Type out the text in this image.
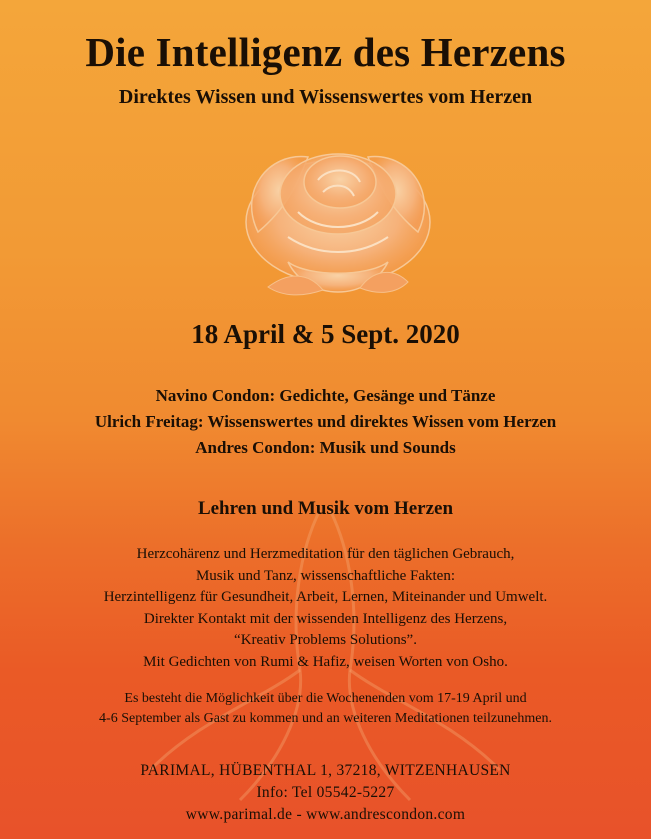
Die Intelligenz des Herzens
Direktes Wissen und Wissenswertes vom Herzen
18 April & 5 Sept. 2020
Navino Condon: Gedichte, Gesänge und Tänze
Ulrich Freitag: Wissenswertes und direktes Wissen vom Herzen
Andres Condon: Musik und Sounds
Lehren und Musik vom Herzen
Herzcohärenz und Herzmeditation für den täglichen Gebrauch,
Musik und Tanz, wissenschaftliche Fakten:
Herzintelligenz für Gesundheit, Arbeit, Lernen, Miteinander und Umwelt.
Direkter Kontakt mit der wissenden Intelligenz des Herzens,
“Kreativ Problems Solutions”.
Mit Gedichten von Rumi & Hafiz, weisen Worten von Osho.
Es besteht die Möglichkeit über die Wochenenden vom 17-19 April und
4-6 September als Gast zu kommen und an weiteren Meditationen teilzunehmen.
PARIMAL, HÜBENTHAL 1, 37218, WITZENHAUSEN
Info: Tel 05542-5227
www.parimal.de - www.andrescondon.com
